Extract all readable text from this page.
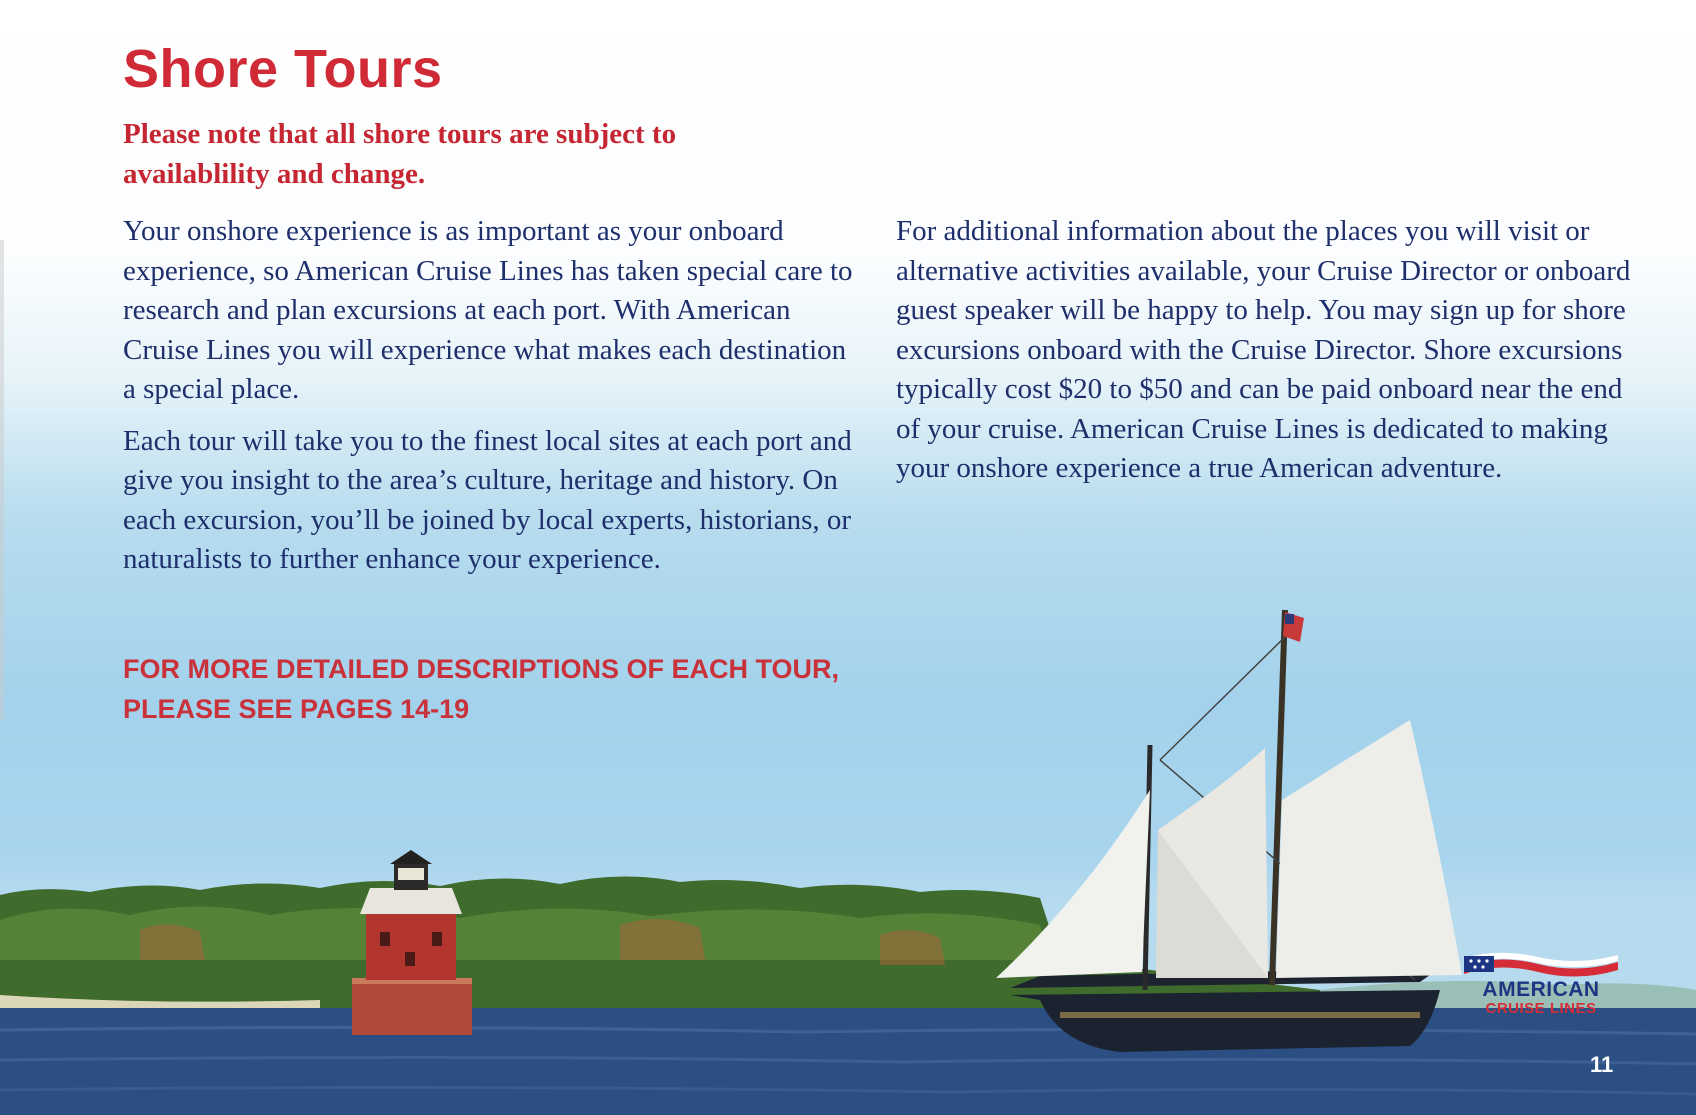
Shore Tours

Please note that all shore tours are subject to availablility and change.

Your onshore experience is as important as your onboard experience, so American Cruise Lines has taken special care to research and plan excursions at each port. With American Cruise Lines you will experience what makes each destination a special place.

Each tour will take you to the finest local sites at each port and give you insight to the area’s culture, heritage and history. On each excursion, you’ll be joined by local experts, historians, or naturalists to further enhance your experience.

FOR MORE DETAILED DESCRIPTIONS OF EACH TOUR, PLEASE SEE PAGES 14-19

For additional information about the places you will visit or alternative activities available, your Cruise Director or onboard guest speaker will be happy to help. You may sign up for shore excursions onboard with the Cruise Director. Shore excursions typically cost $20 to $50 and can be paid onboard near the end of your cruise. American Cruise Lines is dedicated to making your onshore experience a true American adventure.

AMERICAN
CRUISE LINES
11
